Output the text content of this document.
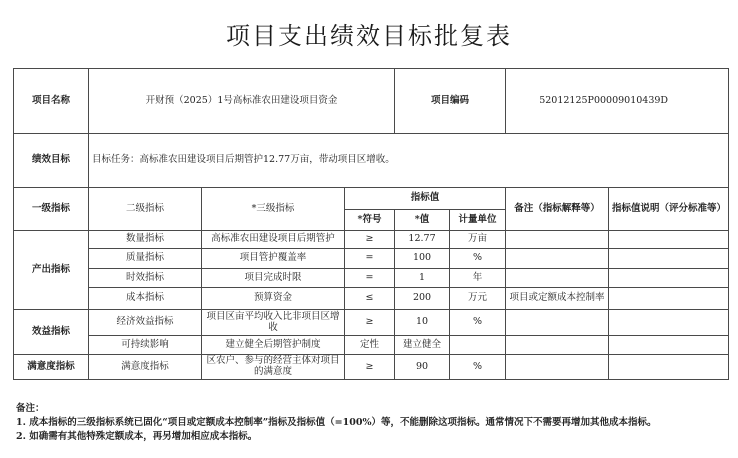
项目支出绩效目标批复表
项目名称	开财预（2025）1号高标准农田建设项目资金			项目编码		52012125P00009010439D	
绩效目标	目标任务：高标准农田建设项目后期管护12.77万亩，带动项目区增收。						
一级指标	二级指标	*三级指标	指标值			备注（指标解释等）	指标值说明（评分标准等）
			*符号	*值	计量单位		
产出指标	数量指标	高标准农田建设项目后期管护	≥	12.77	万亩		
	质量指标	项目管护覆盖率	=	100	%		
	时效指标	项目完成时限	=	1	年		
	成本指标	预算资金	≤	200	万元	项目或定额成本控制率	
效益指标	经济效益指标	项目区亩平均收入比非项目区增收	≥	10	%		
	可持续影响	建立健全后期管护制度	定性	建立健全			
满意度指标	满意度指标	区农户、参与的经营主体对项目的满意度	≥	90	%		
备注：
1. 成本指标的三级指标系统已固化“项目或定额成本控制率”指标及指标值（=100%）等，不能删除这项指标。通常情况下不需要再增加其他成本指标。
2. 如确需有其他特殊定额成本，再另增加相应成本指标。
